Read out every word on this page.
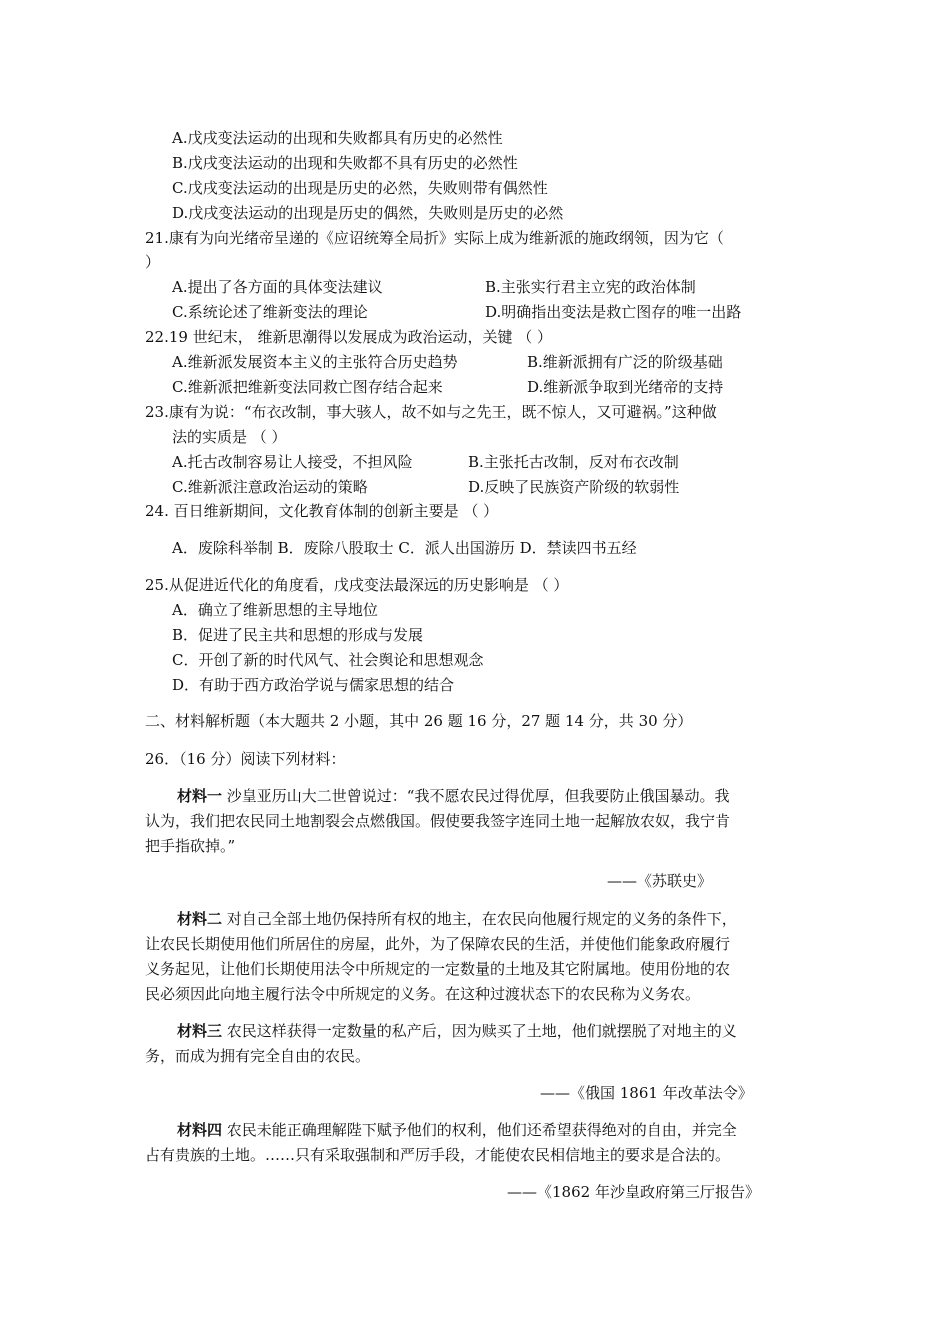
A.戊戌变法运动的出现和失败都具有历史的必然性
B.戊戌变法运动的出现和失败都不具有历史的必然性
C.戊戌变法运动的出现是历史的必然，失败则带有偶然性
D.戊戌变法运动的出现是历史的偶然，失败则是历史的必然
21.康有为向光绪帝呈递的《应诏统筹全局折》实际上成为维新派的施政纲领，因为它（
）
A.提出了各方面的具体变法建议	B.主张实行君主立宪的政治体制
C.系统论述了维新变法的理论	D.明确指出变法是救亡图存的唯一出路
22.19 世纪末， 维新思潮得以发展成为政治运动，关键 （ ）
A.维新派发展资本主义的主张符合历史趋势	B.维新派拥有广泛的阶级基础
C.维新派把维新变法同救亡图存结合起来	D.维新派争取到光绪帝的支持
23.康有为说：“布衣改制，事大骇人，故不如与之先王，既不惊人，又可避祸。”这种做
法的实质是 （ ）
A.托古改制容易让人接受，不担风险	B.主张托古改制，反对布衣改制
C.维新派注意政治运动的策略	D.反映了民族资产阶级的软弱性
24. 百日维新期间，文化教育体制的创新主要是 （ ）
A．废除科举制 B．废除八股取士 C．派人出国游历 D．禁读四书五经
25.从促进近代化的角度看，戊戌变法最深远的历史影响是 （ ）
A．确立了维新思想的主导地位
B．促进了民主共和思想的形成与发展
C．开创了新的时代风气、社会舆论和思想观念
D．有助于西方政治学说与儒家思想的结合
二、材料解析题（本大题共 2 小题，其中 26 题 16 分，27 题 14 分，共 30 分）
26．（16 分）阅读下列材料：
材料一 沙皇亚历山大二世曾说过：“我不愿农民过得优厚，但我要防止俄国暴动。我
认为，我们把农民同土地割裂会点燃俄国。假使要我签字连同土地一起解放农奴，我宁肯
把手指砍掉。”
——《苏联史》
材料二 对自己全部土地仍保持所有权的地主，在农民向他履行规定的义务的条件下，
让农民长期使用他们所居住的房屋，此外，为了保障农民的生活，并使他们能象政府履行
义务起见，让他们长期使用法令中所规定的一定数量的土地及其它附属地。使用份地的农
民必须因此向地主履行法令中所规定的义务。在这种过渡状态下的农民称为义务农。
材料三 农民这样获得一定数量的私产后，因为赎买了土地，他们就摆脱了对地主的义
务，而成为拥有完全自由的农民。
——《俄国 1861 年改革法令》
材料四 农民未能正确理解陛下赋予他们的权利，他们还希望获得绝对的自由，并完全
占有贵族的土地。……只有采取强制和严厉手段，才能使农民相信地主的要求是合法的。
——《1862 年沙皇政府第三厅报告》
